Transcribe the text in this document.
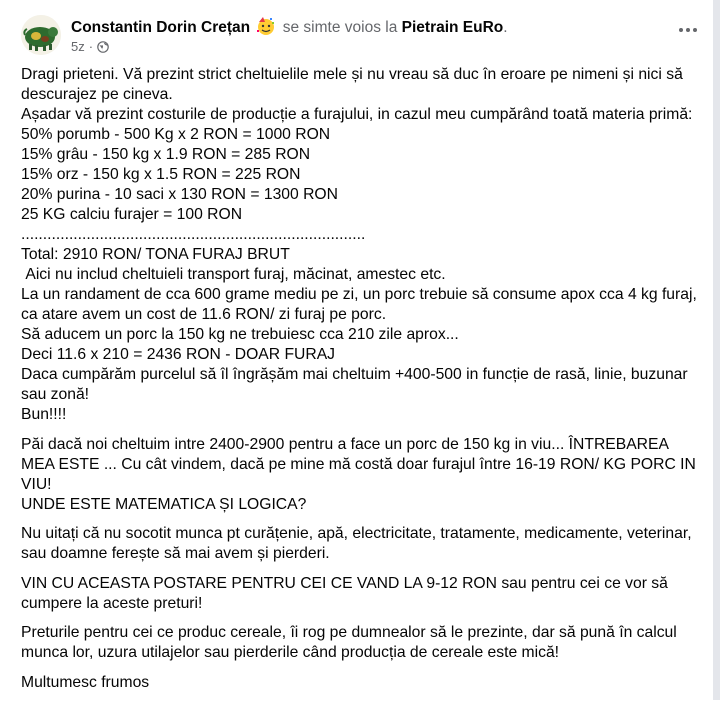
Constantin Dorin Crețan se simte voios la Pietrain EuRo.
5z ·

Dragi prieteni. Vă prezint strict cheltuielile mele și nu vreau să duc în eroare pe nimeni și nici să descurajez pe cineva.
Așadar vă prezint costurile de producție a furajului, in cazul meu cumpărând toată materia primă:
50% porumb - 500 Kg x 2 RON = 1000 RON
15% grâu - 150 kg x 1.9 RON = 285 RON
15% orz - 150 kg x 1.5 RON = 225 RON
20% purina - 10 saci x 130 RON = 1300 RON
25 KG calciu furajer = 100 RON
...............................................................................
Total: 2910 RON/ TONA FURAJ BRUT
Aici nu includ cheltuieli transport furaj, măcinat, amestec etc.
La un randament de cca 600 grame mediu pe zi, un porc trebuie să consume apox cca 4 kg furaj, ca atare avem un cost de 11.6 RON/ zi furaj pe porc.
Să aducem un porc la 150 kg ne trebuiesc cca 210 zile aprox...
Deci 11.6 x 210 = 2436 RON - DOAR FURAJ
Daca cumpărăm purcelul să îl îngrășăm mai cheltuim +400-500 in funcție de rasă, linie, buzunar sau zonă!
Bun!!!!

Păi dacă noi cheltuim intre 2400-2900 pentru a face un porc de 150 kg in viu... ÎNTREBAREA MEA ESTE ... Cu cât vindem, dacă pe mine mă costă doar furajul între 16-19 RON/ KG PORC IN VIU!
UNDE ESTE MATEMATICA ȘI LOGICA?

Nu uitați că nu socotit munca pt curățenie, apă, electricitate, tratamente, medicamente, veterinar, sau doamne ferește să mai avem și pierderi.

VIN CU ACEASTA POSTARE PENTRU CEI CE VAND LA 9-12 RON sau pentru cei ce vor să cumpere la aceste preturi!

Preturile pentru cei ce produc cereale, îi rog pe dumnealor să le prezinte, dar să pună în calcul munca lor, uzura utilajelor sau pierderile când producția de cereale este mică!

Multumesc frumos
